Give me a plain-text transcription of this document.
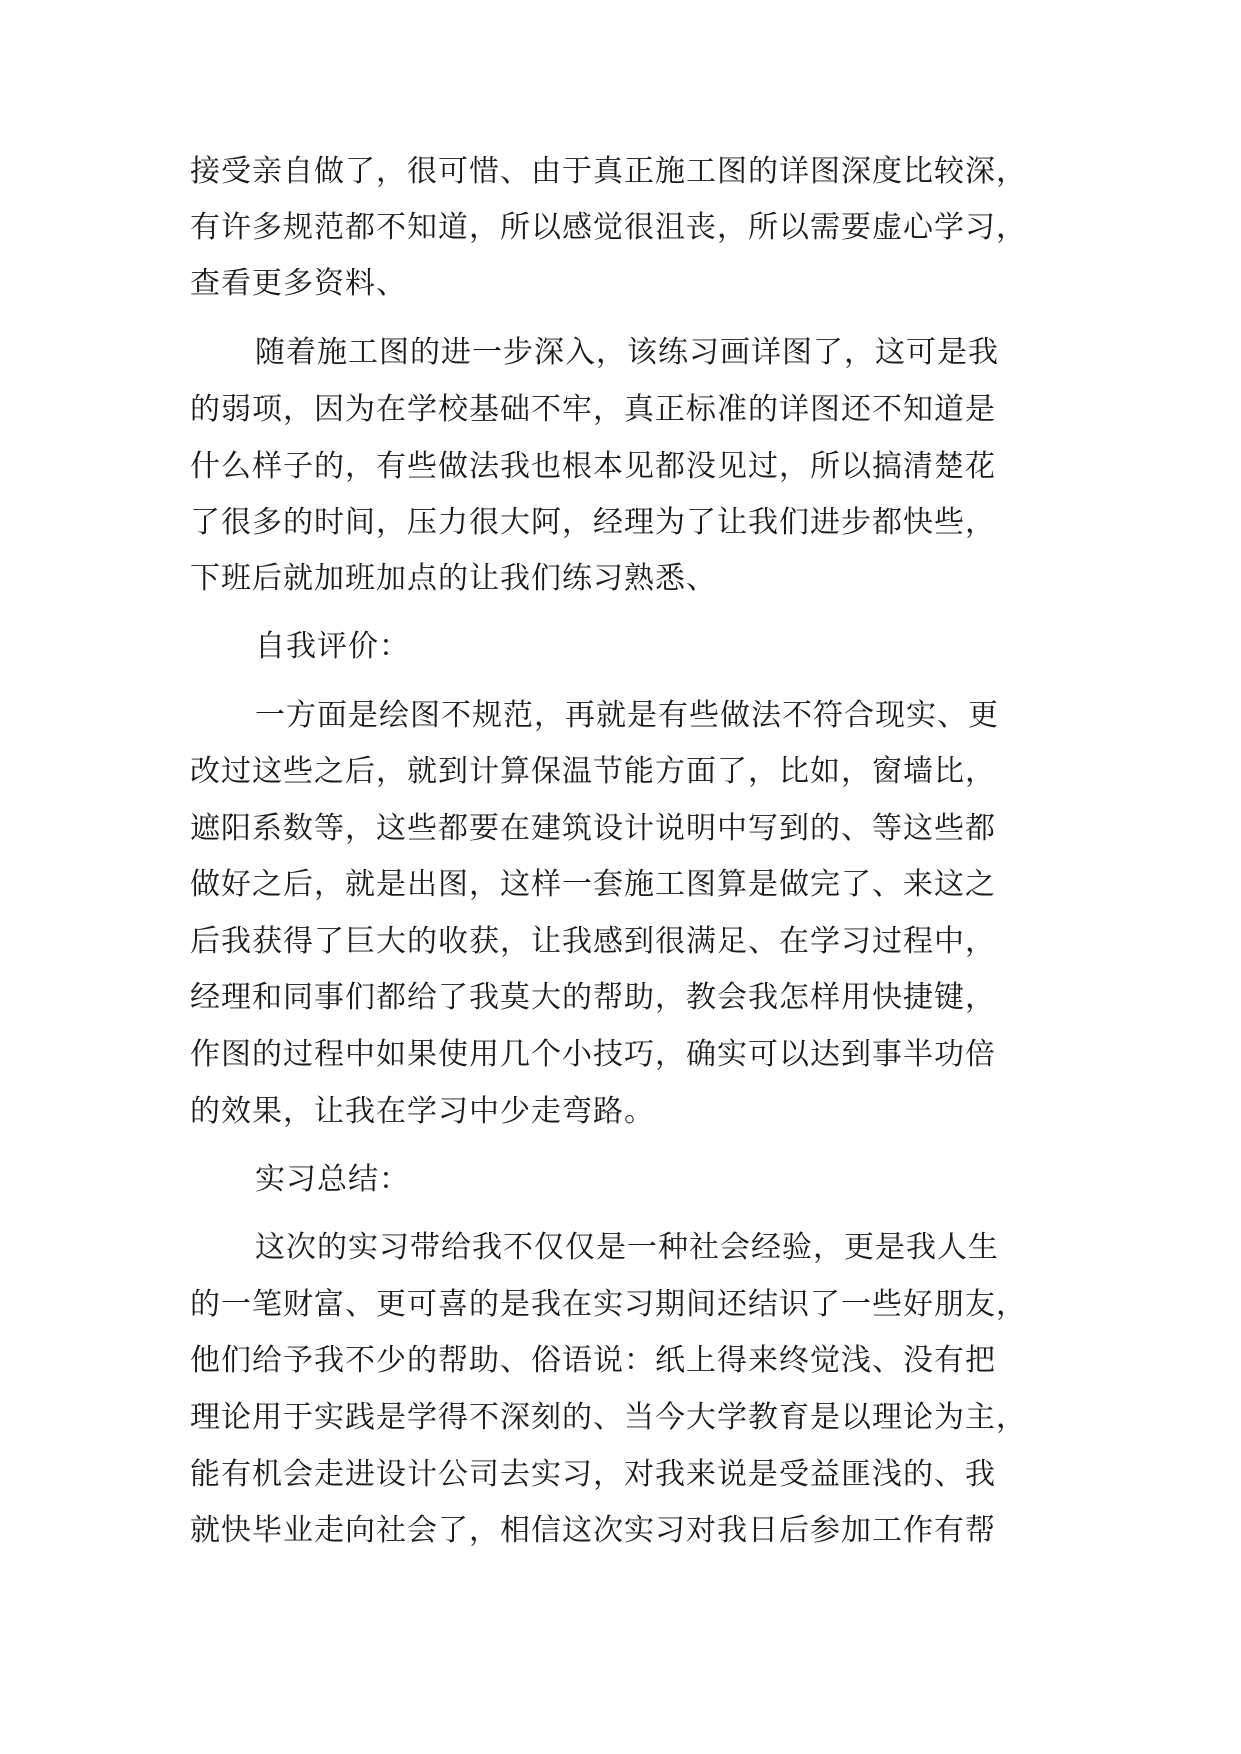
接受亲自做了，很可惜、由于真正施工图的详图深度比较深，

有许多规范都不知道，所以感觉很沮丧，所以需要虚心学习，

查看更多资料、

随着施工图的进一步深入，该练习画详图了，这可是我

的弱项，因为在学校基础不牢，真正标准的详图还不知道是

什么样子的，有些做法我也根本见都没见过，所以搞清楚花

了很多的时间，压力很大阿，经理为了让我们进步都快些，

下班后就加班加点的让我们练习熟悉、

自我评价：

一方面是绘图不规范，再就是有些做法不符合现实、更

改过这些之后，就到计算保温节能方面了，比如，窗墙比，

遮阳系数等，这些都要在建筑设计说明中写到的、等这些都

做好之后，就是出图，这样一套施工图算是做完了、来这之

后我获得了巨大的收获，让我感到很满足、在学习过程中，

经理和同事们都给了我莫大的帮助，教会我怎样用快捷键，

作图的过程中如果使用几个小技巧，确实可以达到事半功倍

的效果，让我在学习中少走弯路。

实习总结：

这次的实习带给我不仅仅是一种社会经验，更是我人生

的一笔财富、更可喜的是我在实习期间还结识了一些好朋友，

他们给予我不少的帮助、俗语说：纸上得来终觉浅、没有把

理论用于实践是学得不深刻的、当今大学教育是以理论为主，

能有机会走进设计公司去实习，对我来说是受益匪浅的、我

就快毕业走向社会了，相信这次实习对我日后参加工作有帮
